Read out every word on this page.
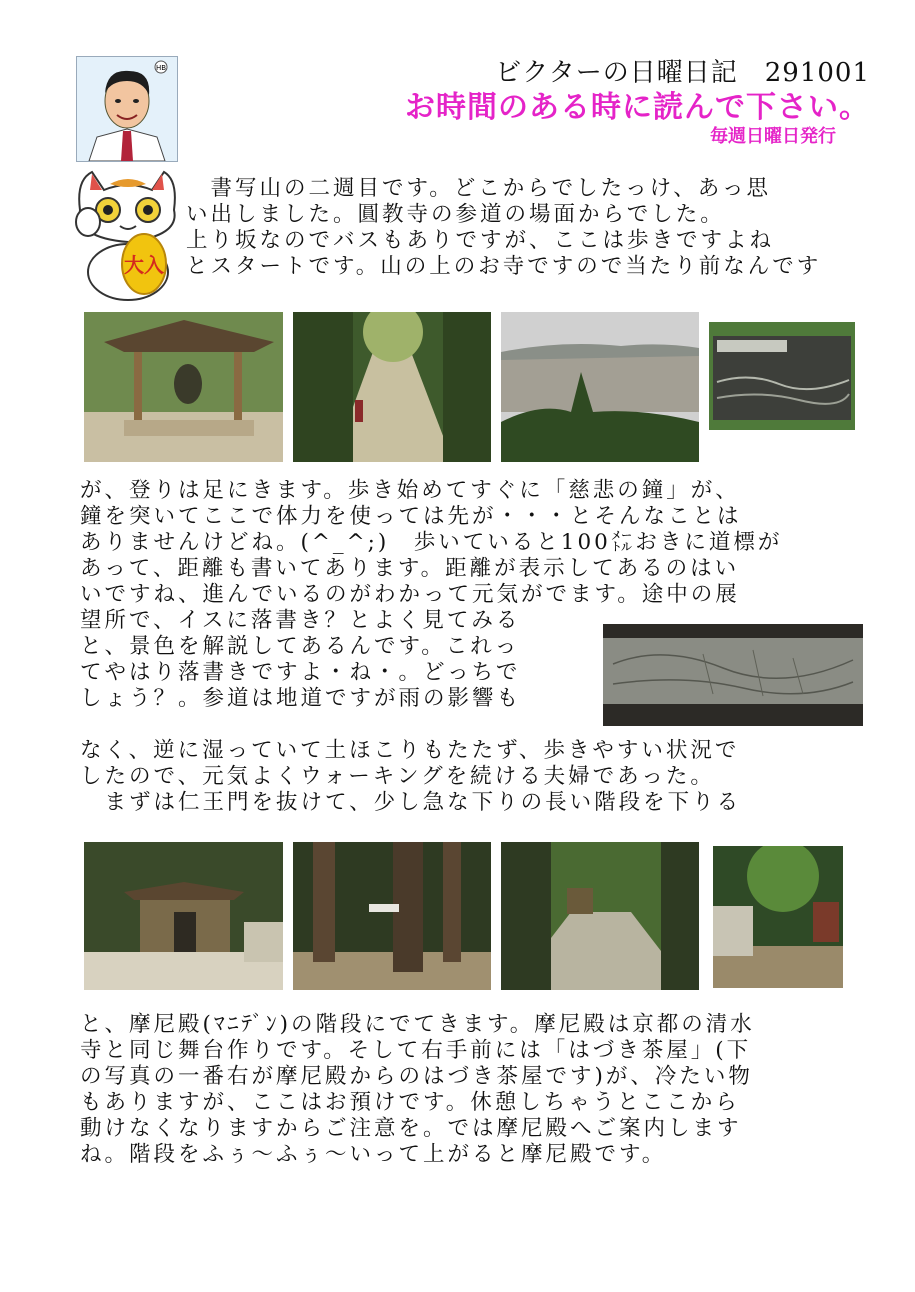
HB	ビクターの日曜日記　291001
お時間のある時に読んで下さい。
毎週日曜日発行
大入
　書写山の二週目です。どこからでしたっけ、あっ思
い出しました。圓教寺の参道の場面からでした。
上り坂なのでバスもありですが、ここは歩きですよね
とスタートです。山の上のお寺ですので当たり前なんです
が、登りは足にきます。歩き始めてすぐに「慈悲の鐘」が、
鐘を突いてここで体力を使っては先が・・・とそんなことは
ありませんけどね。(^_^;)　歩いていると100㍍おきに道標が
あって、距離も書いてあります。距離が表示してあるのはい
いですね、進んでいるのがわかって元気がでます。途中の展
望所で、イスに落書き？とよく見てみる
と、景色を解説してあるんです。これっ
てやはり落書きですよ・ね・。どっちで
しょう？。参道は地道ですが雨の影響も
なく、逆に湿っていて土ほこりもたたず、歩きやすい状況で
したので、元気よくウォーキングを続ける夫婦であった。
　まずは仁王門を抜けて、少し急な下りの長い階段を下りる
と、摩尼殿(ﾏﾆﾃﾞﾝ)の階段にでてきます。摩尼殿は京都の清水
寺と同じ舞台作りです。そして右手前には「はづき茶屋」(下
の写真の一番右が摩尼殿からのはづき茶屋です)が、冷たい物
もありますが、ここはお預けです。休憩しちゃうとここから
動けなくなりますからご注意を。では摩尼殿へご案内します
ね。階段をふぅ～ふぅ～いって上がると摩尼殿です。
